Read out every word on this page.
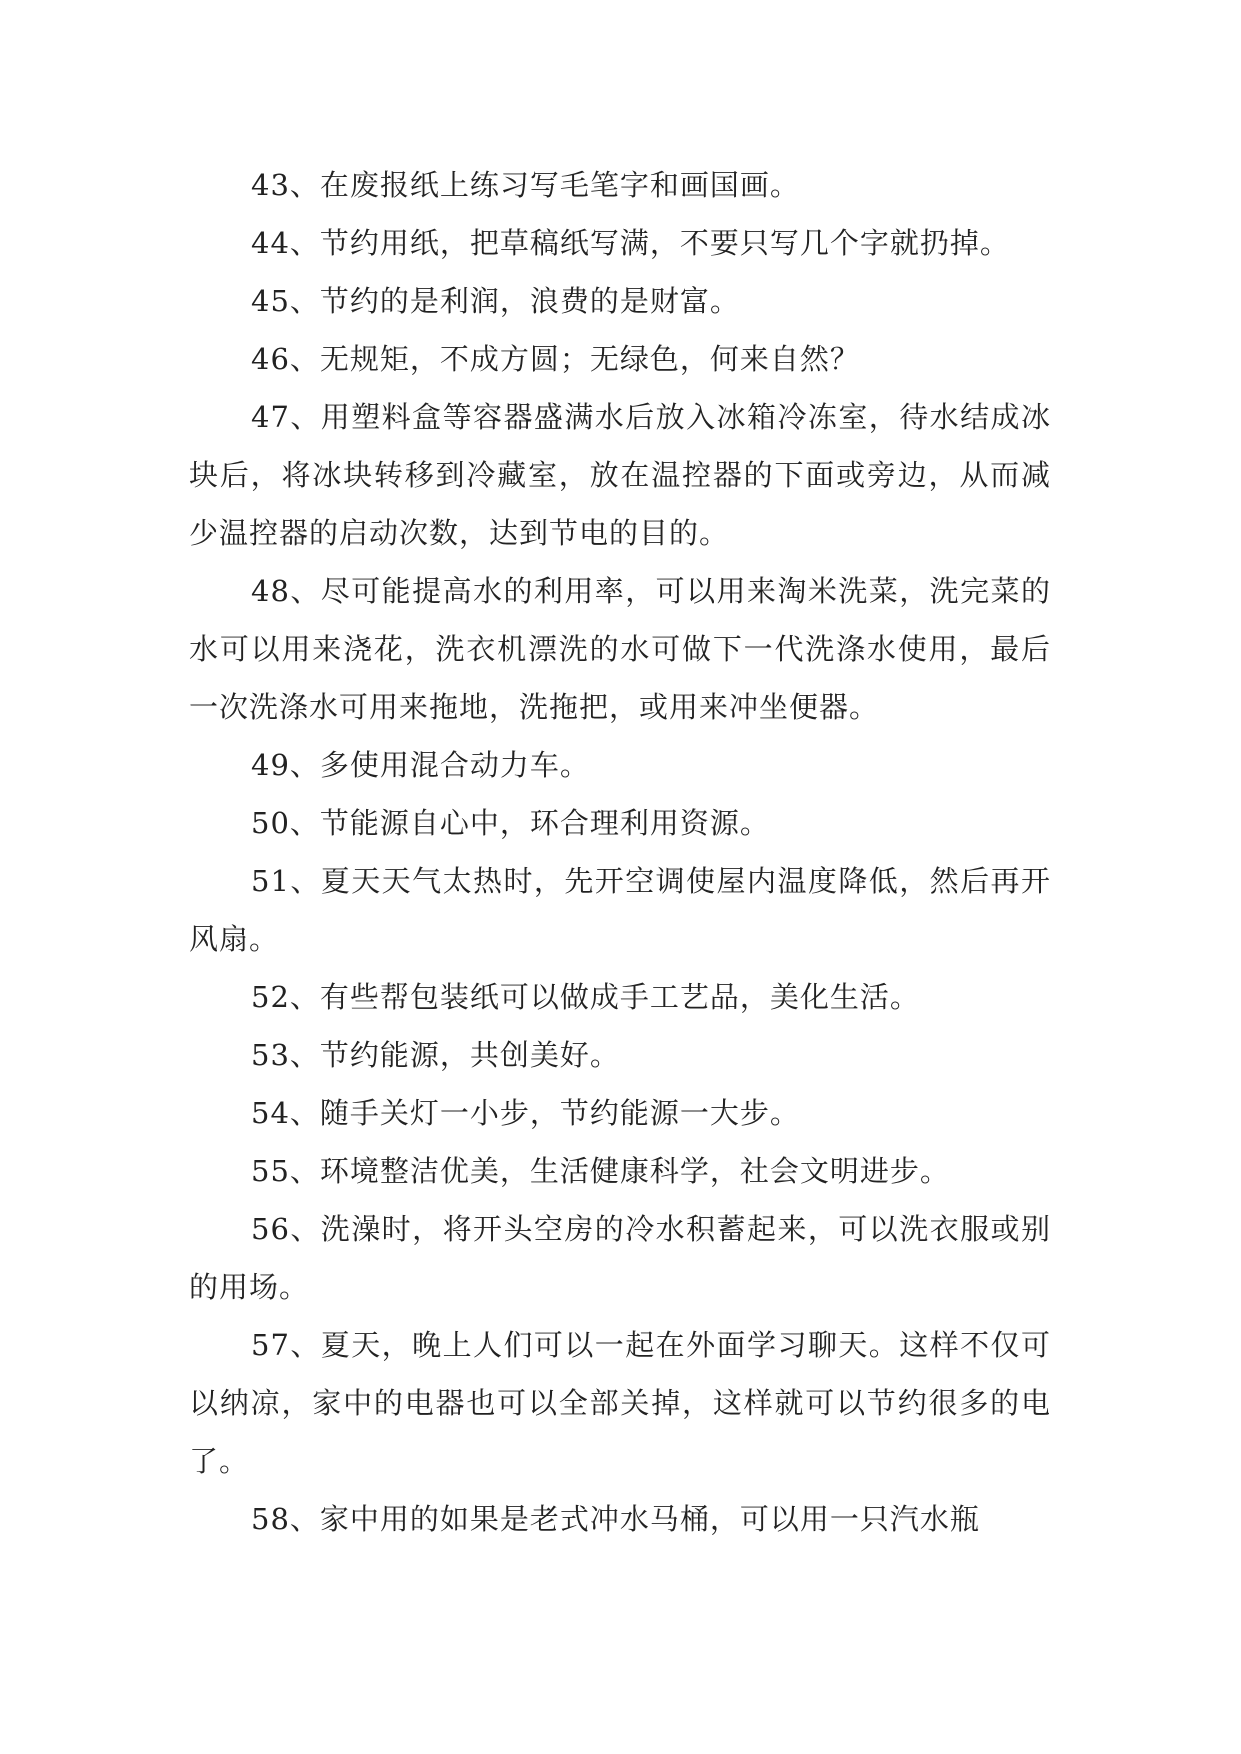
43、在废报纸上练习写毛笔字和画国画。

44、节约用纸，把草稿纸写满，不要只写几个字就扔掉。

45、节约的是利润，浪费的是财富。

46、无规矩，不成方圆；无绿色，何来自然？

47、用塑料盒等容器盛满水后放入冰箱冷冻室，待水结成冰块后，将冰块转移到冷藏室，放在温控器的下面或旁边，从而减少温控器的启动次数，达到节电的目的。

48、尽可能提高水的利用率，可以用来淘米洗菜，洗完菜的水可以用来浇花，洗衣机漂洗的水可做下一代洗涤水使用，最后一次洗涤水可用来拖地，洗拖把，或用来冲坐便器。

49、多使用混合动力车。

50、节能源自心中，环合理利用资源。

51、夏天天气太热时，先开空调使屋内温度降低，然后再开风扇。

52、有些帮包装纸可以做成手工艺品，美化生活。

53、节约能源，共创美好。

54、随手关灯一小步，节约能源一大步。

55、环境整洁优美，生活健康科学，社会文明进步。

56、洗澡时，将开头空房的冷水积蓄起来，可以洗衣服或别的用场。

57、夏天，晚上人们可以一起在外面学习聊天。这样不仅可以纳凉，家中的电器也可以全部关掉，这样就可以节约很多的电了。

58、家中用的如果是老式冲水马桶，可以用一只汽水瓶
